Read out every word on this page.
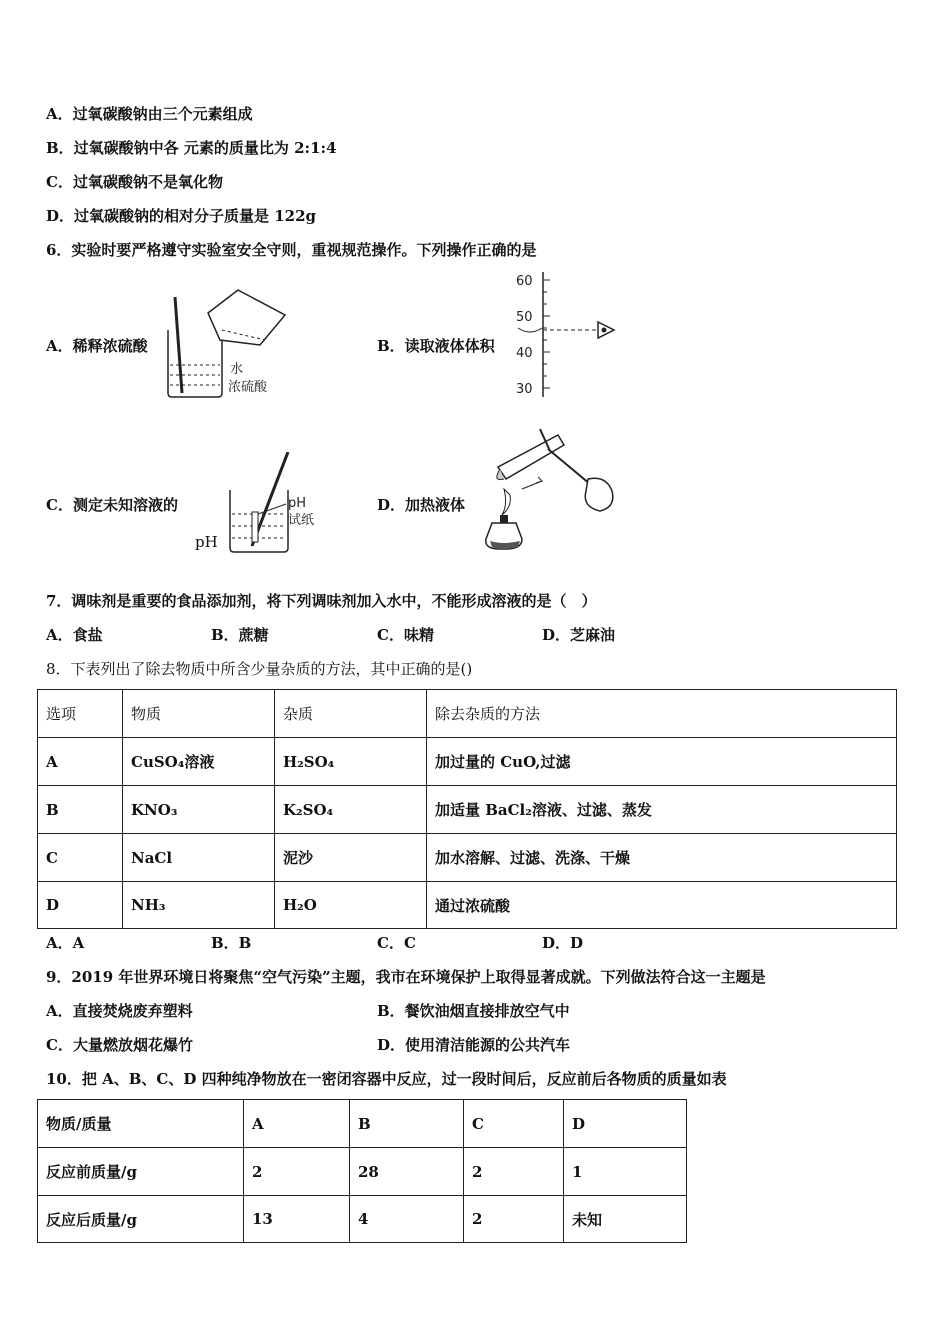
A．过氧碳酸钠由三个元素组成
B．过氧碳酸钠中各 元素的质量比为 2:1:4
C．过氧碳酸钠不是氧化物
D．过氧碳酸钠的相对分子质量是 122g
6．实验时要严格遵守实验室安全守则，重视规范操作。下列操作正确的是
A．稀释浓硫酸
水
浓硫酸
B．读取液体体积
60
50
40
30
C．测定未知溶液的
pH
pH
试纸
D．加热液体
7．调味剂是重要的食品添加剂，将下列调味剂加入水中，不能形成溶液的是（　）
A．食盐	B．蔗糖	C．味精	D．芝麻油
8．下表列出了除去物质中所含少量杂质的方法，其中正确的是()
选项	物质	杂质	除去杂质的方法
A	CuSO₄溶液	H₂SO₄	加过量的 CuO,过滤
B	KNO₃	K₂SO₄	加适量 BaCl₂溶液、过滤、蒸发
C	NaCl	泥沙	加水溶解、过滤、洗涤、干燥
D	NH₃	H₂O	通过浓硫酸
A．A	B．B	C．C	D．D
9．2019 年世界环境日将聚焦“空气污染”主题，我市在环境保护上取得显著成就。下列做法符合这一主题是
A．直接焚烧废弃塑料	B．餐饮油烟直接排放空气中
C．大量燃放烟花爆竹	D．使用清洁能源的公共汽车
10．把 A、B、C、D 四种纯净物放在一密闭容器中反应，过一段时间后，反应前后各物质的质量如表
物质/质量	A	B	C	D
反应前质量/g	2	28	2	1
反应后质量/g	13	4	2	未知
